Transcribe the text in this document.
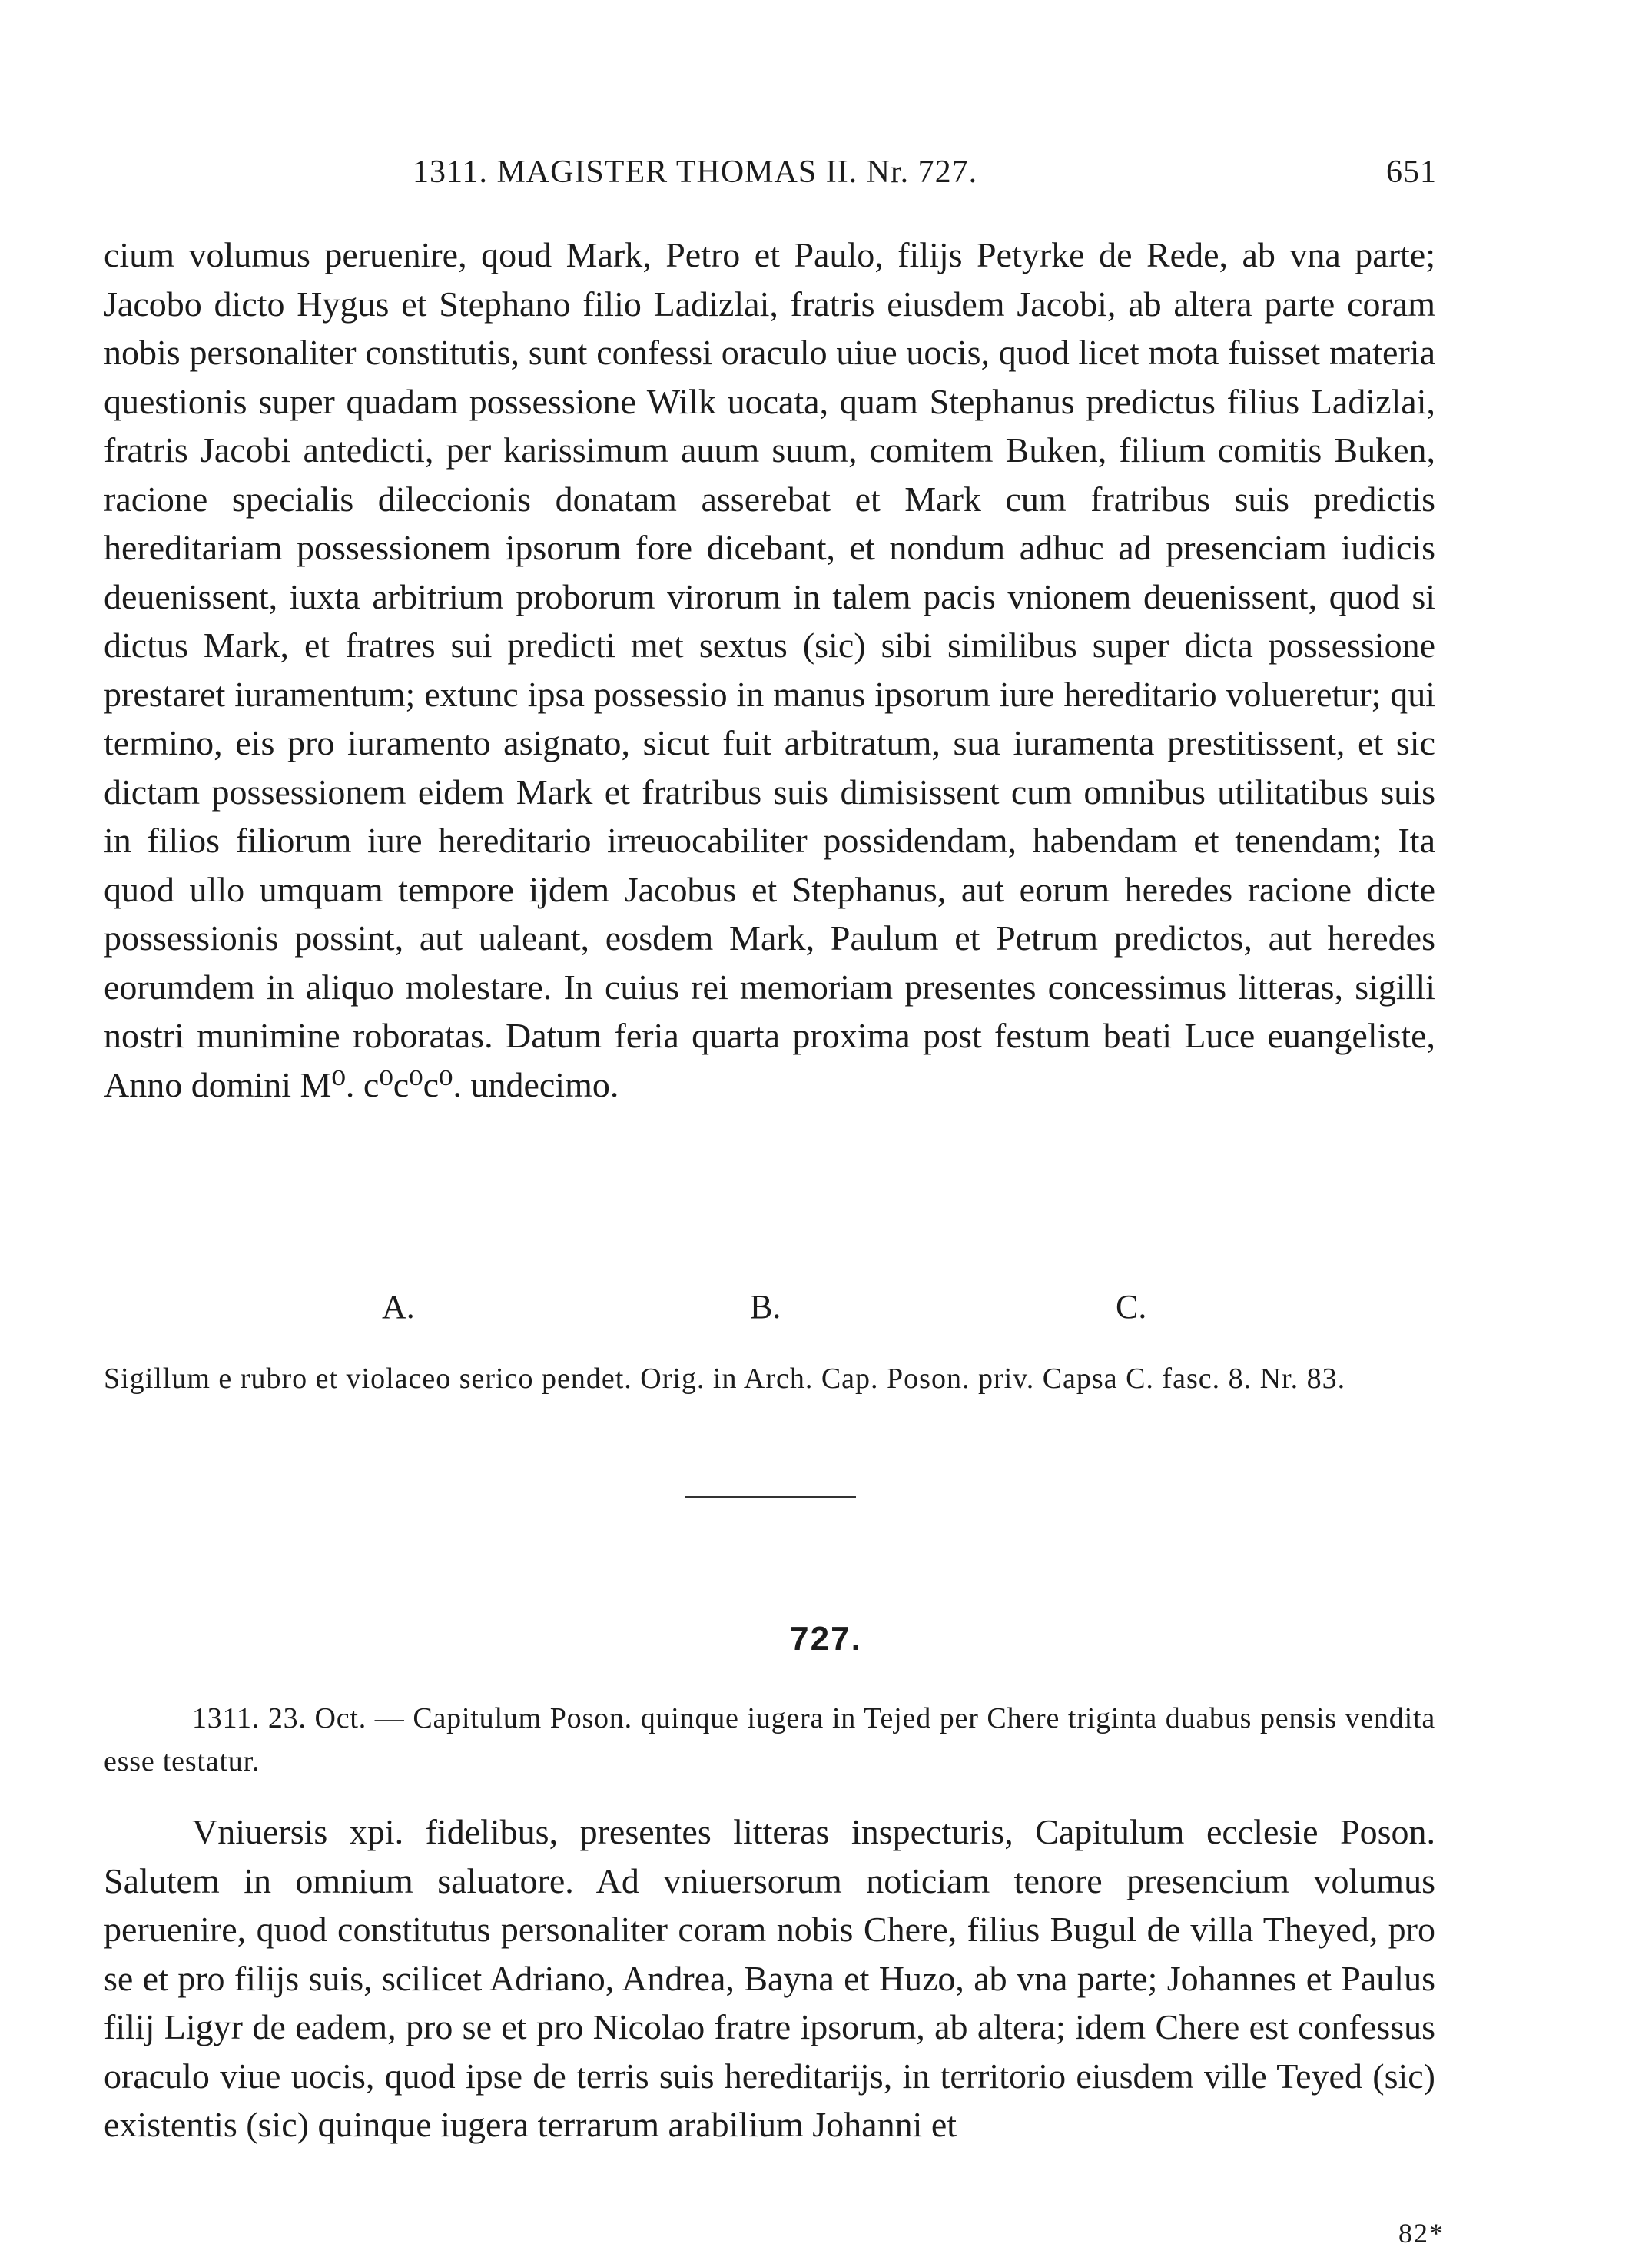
1311. MAGISTER THOMAS II. Nr. 727.	651

cium volumus peruenire, qoud Mark, Petro et Paulo, filijs Petyrke de Rede, ab vna parte; Jacobo dicto Hygus et Stephano filio Ladizlai, fratris eiusdem Jacobi, ab altera parte coram nobis personaliter constitutis, sunt confessi oraculo uiue uocis, quod licet mota fuisset materia questionis super quadam possessione Wilk uocata, quam Stephanus predictus filius Ladizlai, fratris Jacobi antedicti, per karissimum auum suum, comitem Buken, filium comitis Buken, racione specialis dileccionis donatam asserebat et Mark cum fratribus suis predictis hereditariam possessionem ipsorum fore dicebant, et nondum adhuc ad presenciam iudicis deuenissent, iuxta arbitrium proborum virorum in talem pacis vnionem deuenissent, quod si dictus Mark, et fratres sui predicti met sextus (sic) sibi similibus super dicta possessione prestaret iuramentum; extunc ipsa possessio in manus ipsorum iure hereditario volueretur; qui termino, eis pro iuramento asignato, sicut fuit arbitratum, sua iuramenta prestitissent, et sic dictam possessionem eidem Mark et fratribus suis dimisissent cum omnibus utilitatibus suis in filios filiorum iure hereditario irreuocabiliter possidendam, habendam et tenendam; Ita quod ullo umquam tempore ijdem Jacobus et Stephanus, aut eorum heredes racione dicte possessionis possint, aut ualeant, eosdem Mark, Paulum et Petrum predictos, aut heredes eorumdem in aliquo molestare. In cuius rei memoriam presentes concessimus litteras, sigilli nostri munimine roboratas. Datum feria quarta proxima post festum beati Luce euangeliste, Anno domini M⁰. c⁰c⁰c⁰. undecimo.

A.	B.	C.

Sigillum e rubro et violaceo serico pendet. Orig. in Arch. Cap. Poson. priv. Capsa C. fasc. 8. Nr. 83.

727.

1311. 23. Oct. — Capitulum Poson. quinque iugera in Tejed per Chere triginta duabus pensis vendita esse testatur.

Vniuersis xpi. fidelibus, presentes litteras inspecturis, Capitulum ecclesie Poson. Salutem in omnium saluatore. Ad vniuersorum noticiam tenore presencium volumus peruenire, quod constitutus personaliter coram nobis Chere, filius Bugul de villa Theyed, pro se et pro filijs suis, scilicet Adriano, Andrea, Bayna et Huzo, ab vna parte; Johannes et Paulus filij Ligyr de eadem, pro se et pro Nicolao fratre ipsorum, ab altera; idem Chere est confessus oraculo viue uocis, quod ipse de terris suis hereditarijs, in territorio eiusdem ville Teyed (sic) existentis (sic) quinque iugera terrarum arabilium Johanni et

82*
